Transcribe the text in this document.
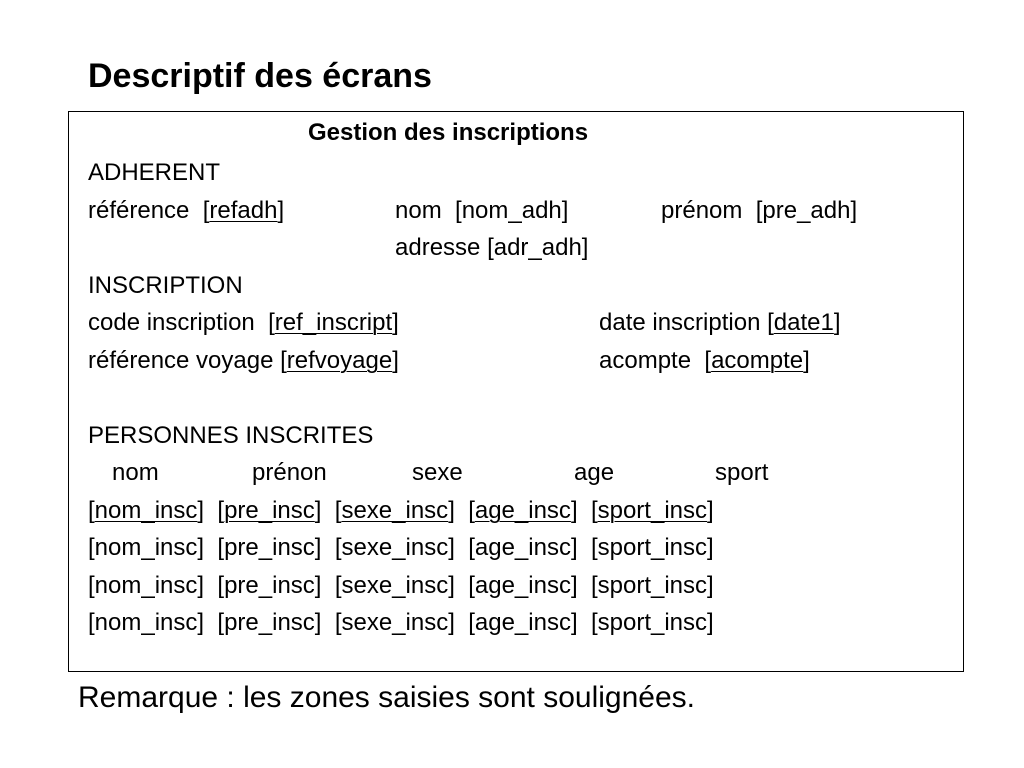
Descriptif des écrans
Gestion des inscriptions
ADHERENT
référence  [refadh]	nom [nom_adh]	prénom [pre_adh]
adresse [adr_adh]
INSCRIPTION
code inscription  [ref_inscript]	date inscription [date1]
référence voyage [refvoyage]	acompte  [acompte]
PERSONNES INSCRITES
nom	prénon	sexe	age	sport
[nom_insc]  [pre_insc]  [sexe_insc]  [age_insc]  [sport_insc]
[nom_insc] [pre_insc] [sexe_insc] [age_insc] [sport_insc]
[nom_insc] [pre_insc] [sexe_insc] [age_insc] [sport_insc]
[nom_insc] [pre_insc] [sexe_insc] [age_insc] [sport_insc]
Remarque : les zones saisies sont soulignées.
